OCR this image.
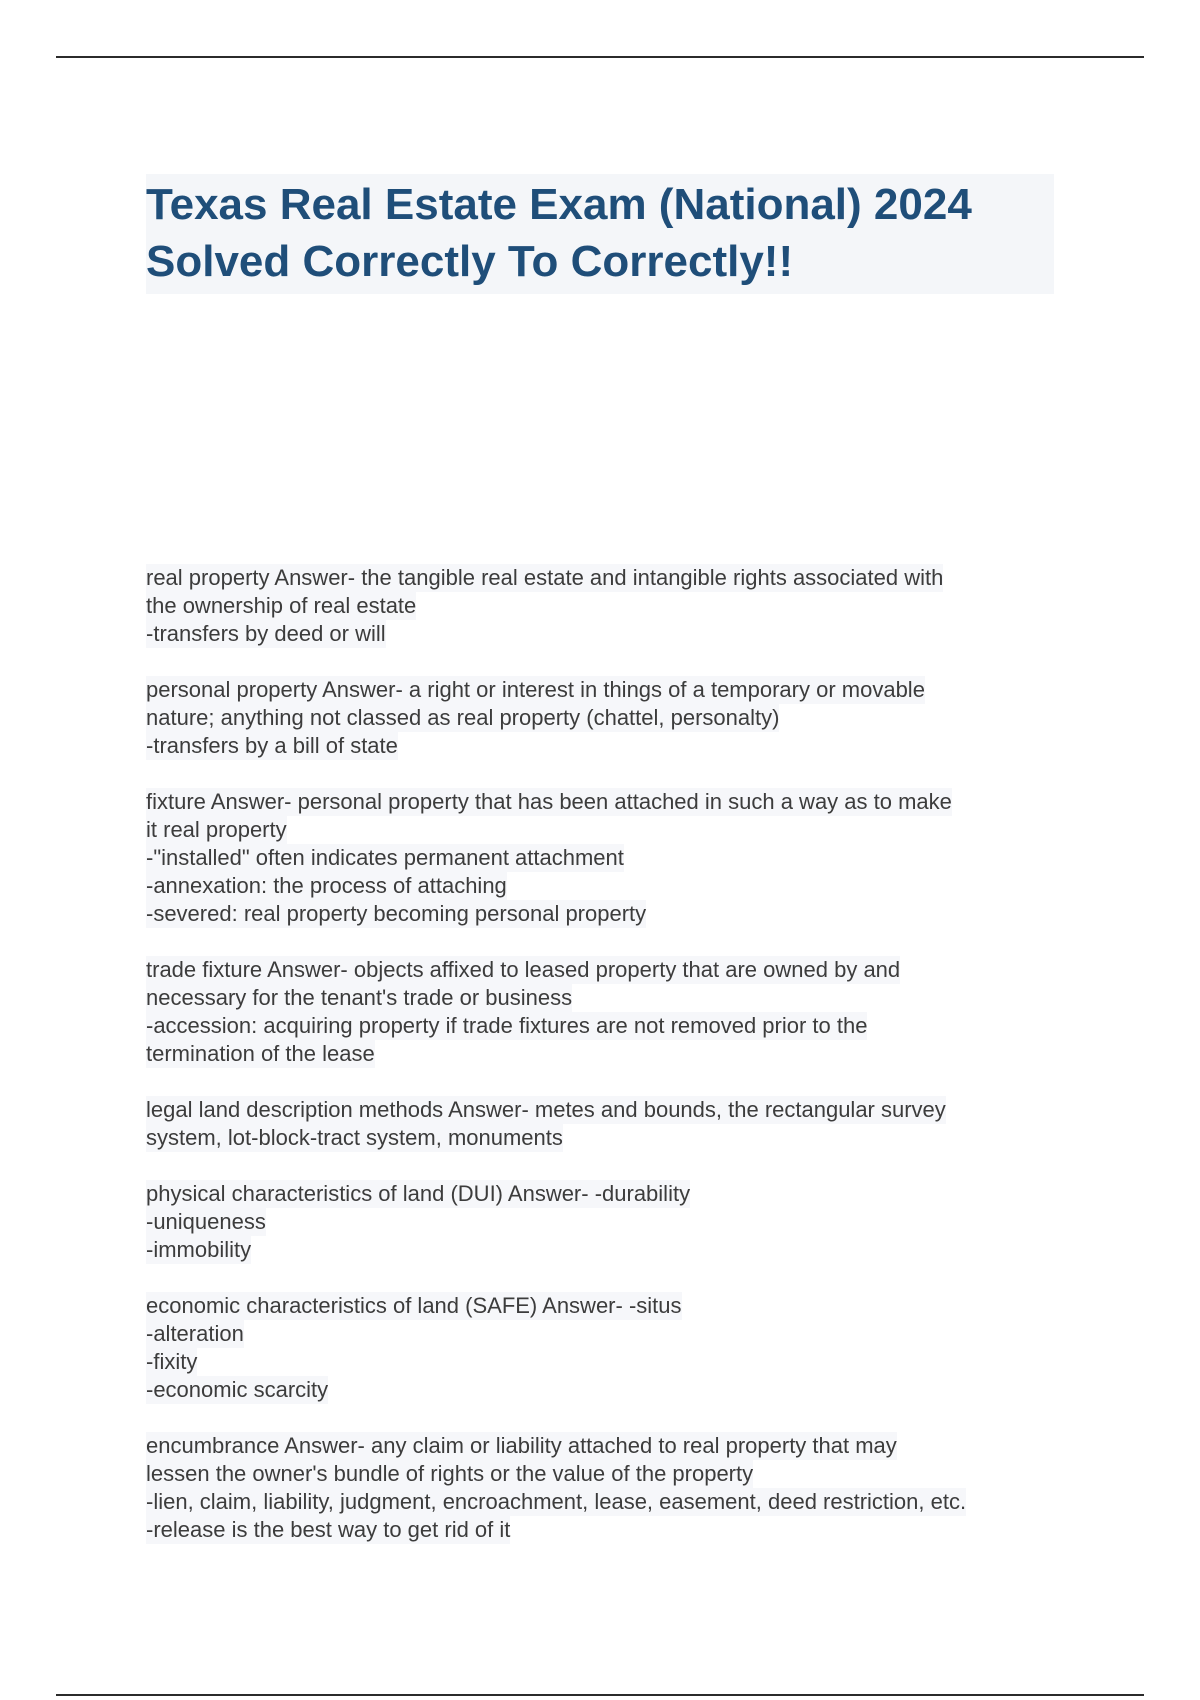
Texas Real Estate Exam (National) 2024
Solved Correctly To Correctly!!
real property Answer- the tangible real estate and intangible rights associated with
the ownership of real estate
-transfers by deed or will
personal property Answer- a right or interest in things of a temporary or movable
nature; anything not classed as real property (chattel, personalty)
-transfers by a bill of state
fixture Answer- personal property that has been attached in such a way as to make
it real property
-"installed" often indicates permanent attachment
-annexation: the process of attaching
-severed: real property becoming personal property
trade fixture Answer- objects affixed to leased property that are owned by and
necessary for the tenant's trade or business
-accession: acquiring property if trade fixtures are not removed prior to the
termination of the lease
legal land description methods Answer- metes and bounds, the rectangular survey
system, lot-block-tract system, monuments
physical characteristics of land (DUI) Answer- -durability
-uniqueness
-immobility
economic characteristics of land (SAFE) Answer- -situs
-alteration
-fixity
-economic scarcity
encumbrance Answer- any claim or liability attached to real property that may
lessen the owner's bundle of rights or the value of the property
-lien, claim, liability, judgment, encroachment, lease, easement, deed restriction, etc.
-release is the best way to get rid of it
